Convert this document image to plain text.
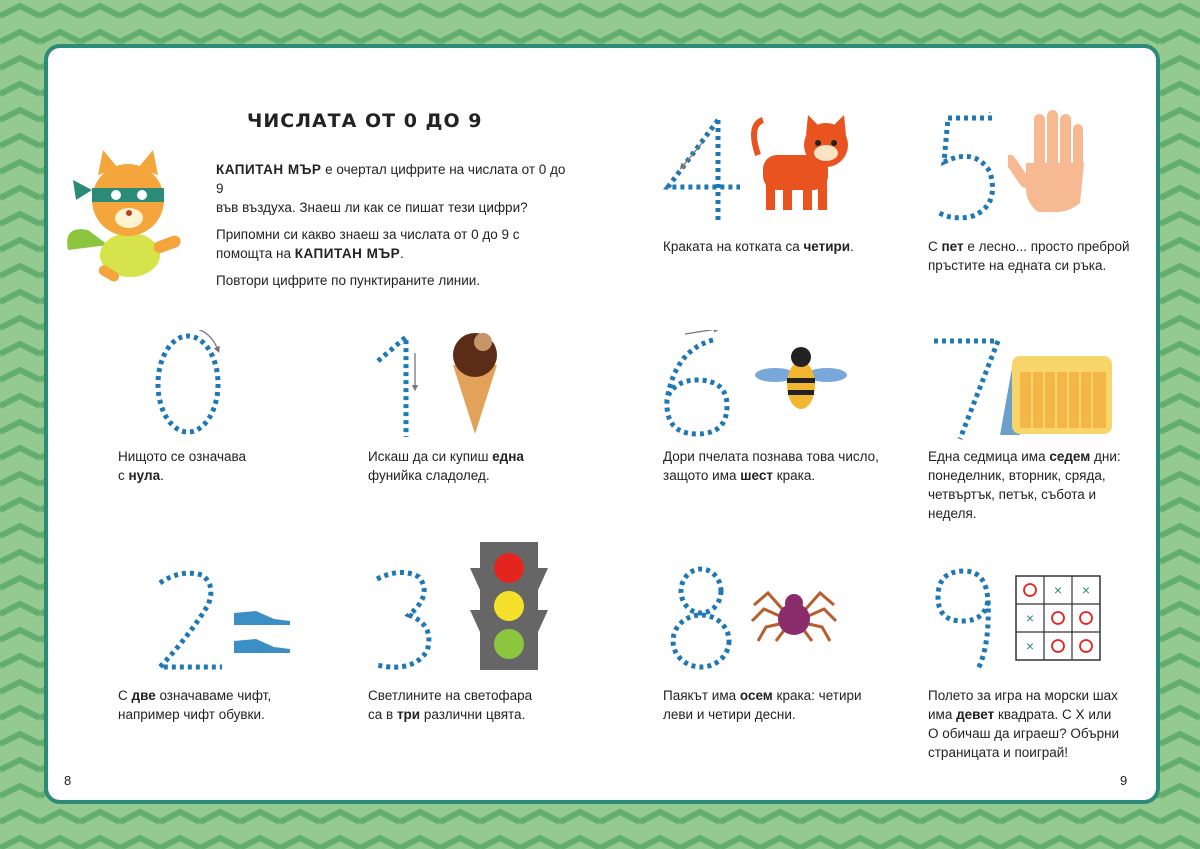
ЧИСЛАТА ОТ 0 ДО 9

КАПИТАН МЪР е очертал цифрите на числата от 0 до 9
във въздуха. Знаеш ли как се пишат тези цифри?

Припомни си какво знаеш за числата от 0 до 9 с
помощта на КАПИТАН МЪР.

Повтори цифрите по пунктираните линии.

× ×
×
×
Нищото се означава
с нула.
Искаш да си купиш една
фунийка сладолед.
С две означаваме чифт,
например чифт обувки.
Светлините на светофара
са в три различни цвята.
Краката на котката са четири.	С пет е лесно... просто преброй
пръстите на едната си ръка.
Дори пчелата познава това число,
защото има шест крака.
Една седмица има седем дни:
понеделник, вторник, сряда,
четвъртък, петък, събота и
неделя.
Паякът има осем крака: четири
леви и четири десни.
Полето за игра на морски шах
има девет квадрата. С Х или
О обичаш да играеш? Обърни
страницата и поиграй!
8	9
